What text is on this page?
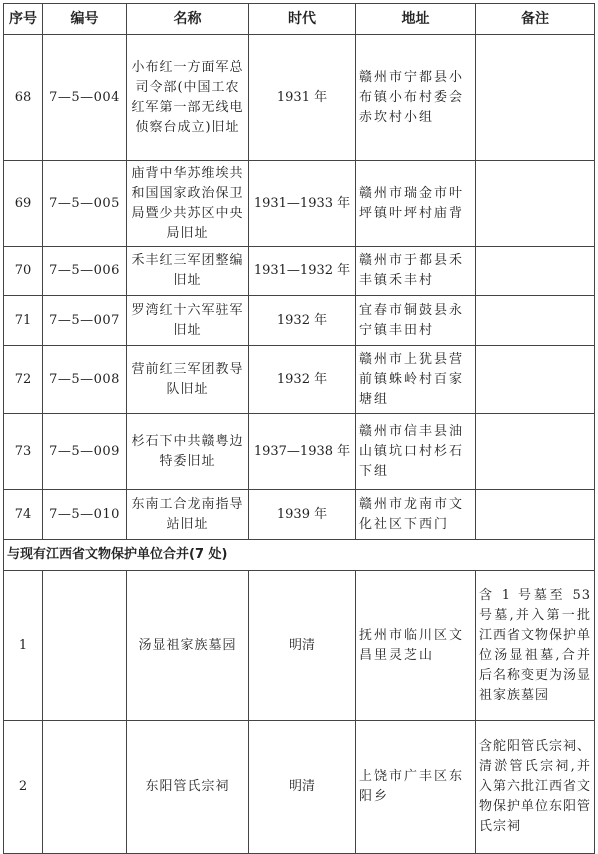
序号	编号	名称	时代	地址	备注
68	7—5—004	小布红一方面军总司令部(中国工农红军第一部无线电侦察台成立)旧址	1931 年	赣州市宁都县小布镇小布村委会赤坎村小组	
69	7—5—005	庙背中华苏维埃共和国国家政治保卫局暨少共苏区中央局旧址	1931—1933 年	赣州市瑞金市叶坪镇叶坪村庙背	
70	7—5—006	禾丰红三军团整编旧址	1931—1932 年	赣州市于都县禾丰镇禾丰村	
71	7—5—007	罗湾红十六军驻军旧址	1932 年	宜春市铜鼓县永宁镇丰田村	
72	7—5—008	营前红三军团教导队旧址	1932 年	赣州市上犹县营前镇蛛岭村百家塘组	
73	7—5—009	杉石下中共赣粤边特委旧址	1937—1938 年	赣州市信丰县油山镇坑口村杉石下组	
74	7—5—010	东南工合龙南指导站旧址	1939 年	赣州市龙南市文化社区下西门	
与现有江西省文物保护单位合并(7 处)					
1		汤显祖家族墓园	明清	抚州市临川区文昌里灵芝山	含 1 号墓至 53 号墓,并入第一批江西省文物保护单位汤显祖墓,合并后名称变更为汤显祖家族墓园
2		东阳管氏宗祠	明清	上饶市广丰区东阳乡	含舵阳管氏宗祠、清淤管氏宗祠,并入第六批江西省文物保护单位东阳管氏宗祠
